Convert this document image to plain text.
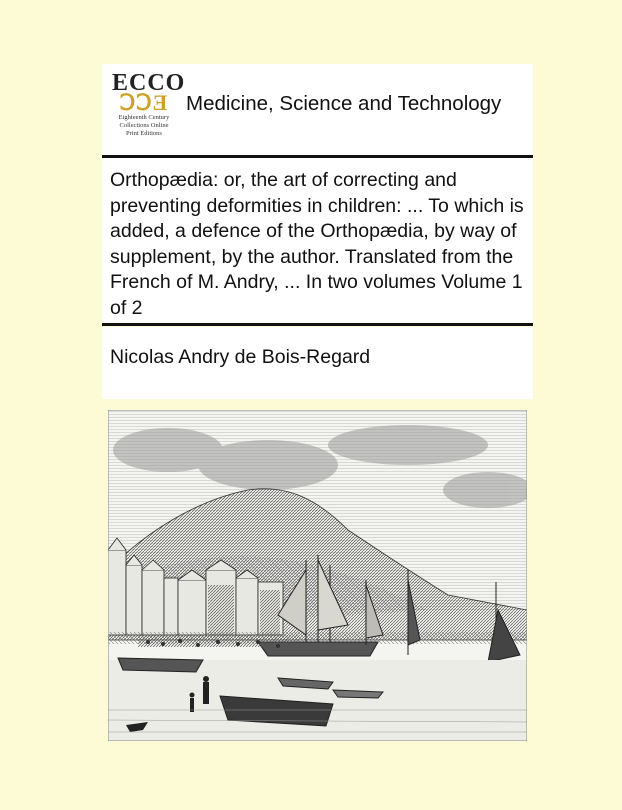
ECCO
ↃↃƎ
Eighteenth Century
Collections Online
Print Editions
Medicine, Science and Technology
Orthopædia: or, the art of correcting and preventing deformities in children: ... To which is added, a defence of the Orthopædia, by way of supplement, by the author. Translated from the French of M. Andry, ... In two volumes Volume 1 of 2
Nicolas Andry de Bois-Regard
